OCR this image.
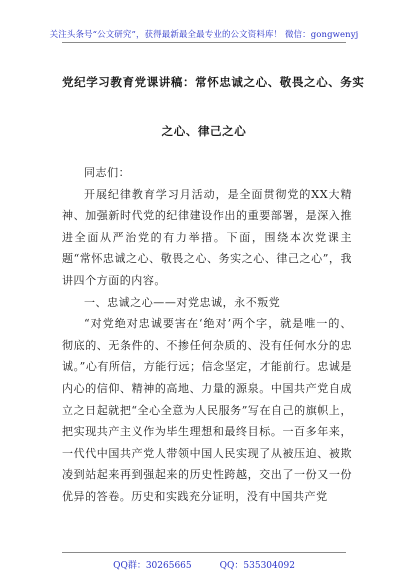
关注头条号“公文研究”，获得最新最全最专业的公文资料库！ 微信：gongwenyj
党纪学习教育党课讲稿：常怀忠诚之心、敬畏之心、务实
之心、律己之心

同志们：

开展纪律教育学习月活动，是全面贯彻党的XX大精神、加强新时代党的纪律建设作出的重要部署，是深入推进全面从严治党的有力举措。下面，围绕本次党课主题“常怀忠诚之心、敬畏之心、务实之心、律己之心”，我讲四个方面的内容。

一、忠诚之心——对党忠诚，永不叛党

“对党绝对忠诚要害在‘绝对’两个字，就是唯一的、彻底的、无条件的、不掺任何杂质的、没有任何水分的忠诚。”心有所信，方能行远；信念坚定，才能前行。忠诚是内心的信仰、精神的高地、力量的源泉。中国共产党自成立之日起就把“全心全意为人民服务”写在自己的旗帜上，把实现共产主义作为毕生理想和最终目标。一百多年来，一代代中国共产党人带领中国人民实现了从被压迫、被欺凌到站起来再到强起来的历史性跨越，交出了一份又一份优异的答卷。历史和实践充分证明，没有中国共产党

QQ群：30265665	QQ：535304092
